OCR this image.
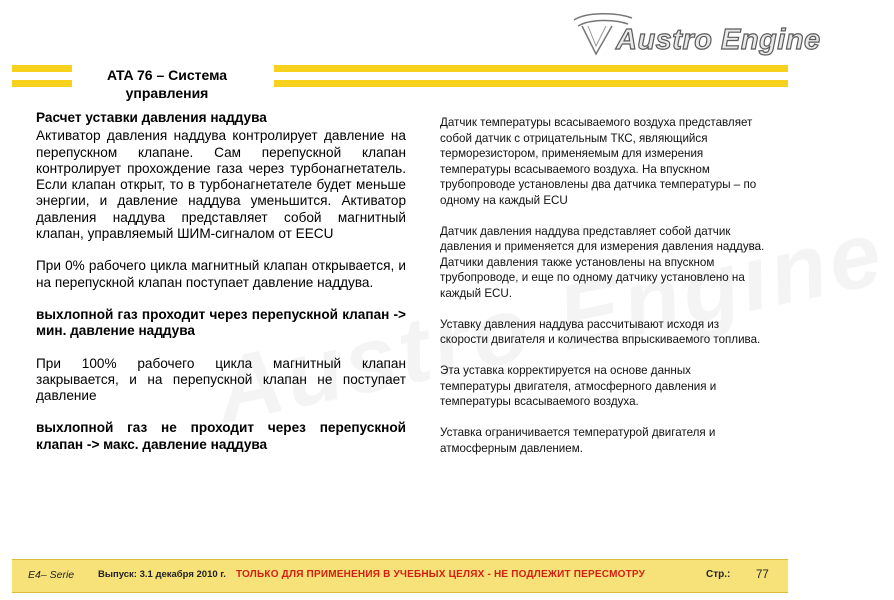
Austro Engine
ATA 76 – Система управления

Расчет уставки давления наддува

Активатор давления наддува контролирует давление на перепускном клапане. Сам перепускной клапан контролирует прохождение газа через турбонагнетатель. Если клапан открыт, то в турбонагнетателе будет меньше энергии, и давление наддува уменьшится. Активатор давления наддува представляет собой магнитный клапан, управляемый ШИМ-сигналом от EECU

При 0% рабочего цикла магнитный клапан открывается, и на перепускной клапан поступает давление наддува.

выхлопной газ проходит через перепускной клапан -> мин. давление наддува

При 100% рабочего цикла магнитный клапан закрывается, и на перепускной клапан не поступает давление

выхлопной газ не проходит через перепускной клапан -> макс. давление наддува

Датчик температуры всасываемого воздуха представляет собой датчик с отрицательным ТКС, являющийся терморезистором, применяемым для измерения температуры всасываемого воздуха. На впускном трубопроводе установлены два датчика температуры – по одному на каждый ECU

Датчик давления наддува представляет собой датчик давления и применяется для измерения давления наддува. Датчики давления также установлены на впускном трубопроводе, и еще по одному датчику установлено на каждый ECU.

Уставку давления наддува рассчитывают исходя из скорости двигателя и количества впрыскиваемого топлива.

Эта уставка корректируется на основе данных температуры двигателя, атмосферного давления и температуры всасываемого воздуха.

Уставка ограничивается температурой двигателя и атмосферным давлением.

E4– Serie	Выпуск: 3.1 декабря 2010 г. ТОЛЬКО ДЛЯ ПРИМЕНЕНИЯ В УЧЕБНЫХ ЦЕЛЯХ - НЕ ПОДЛЕЖИТ ПЕРЕСМОТРУ	Стр.: 77
